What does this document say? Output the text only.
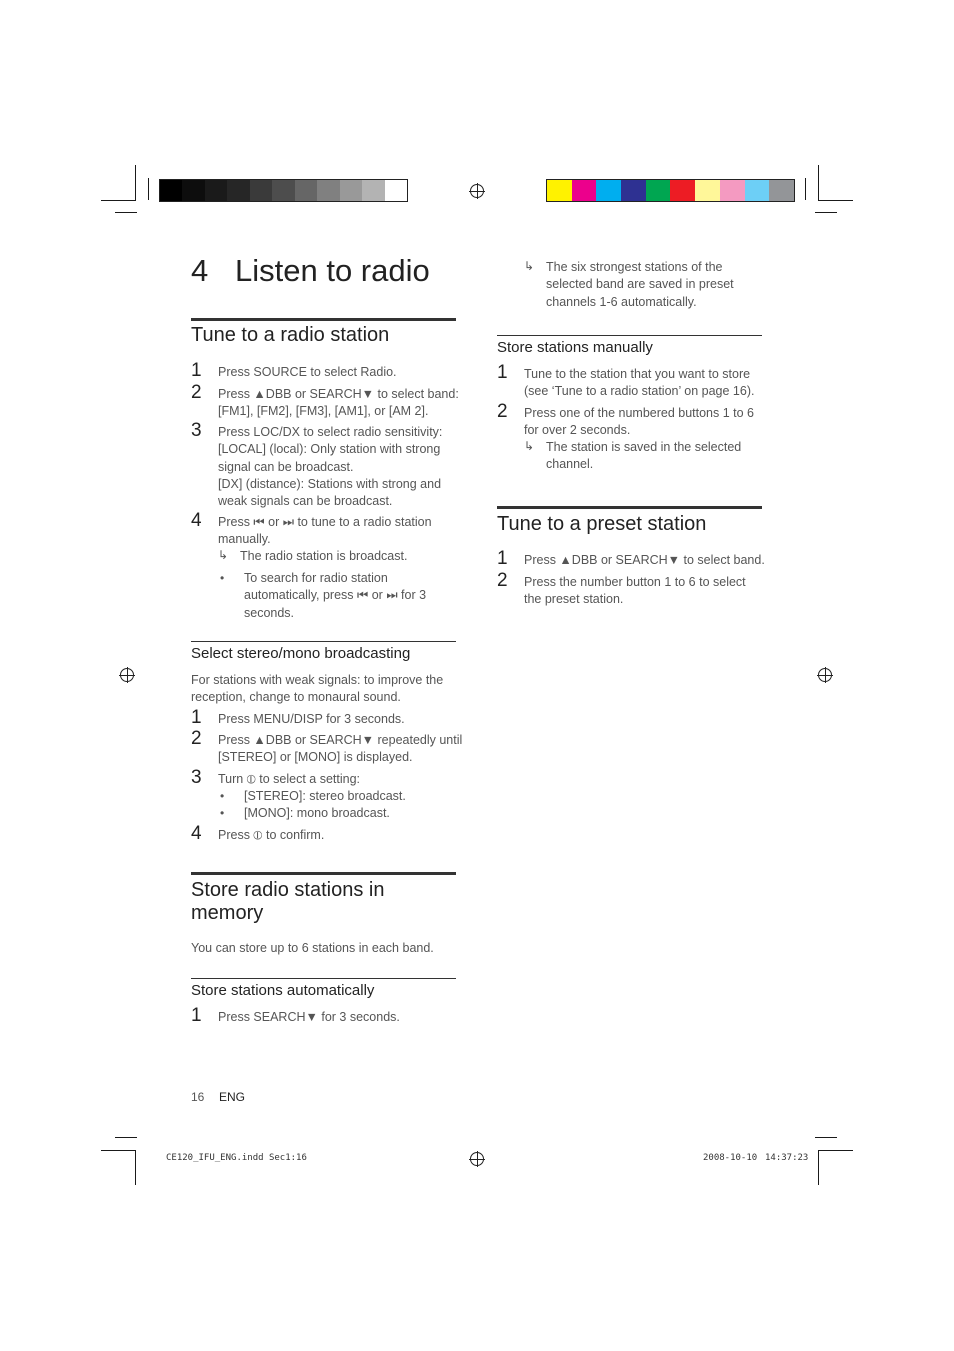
4 Listen to radio
Tune to a radio station
1 Press SOURCE to select Radio.
2 Press ▲DBB or SEARCH▼ to select band:
[FM1], [FM2], [FM3], [AM1], or [AM 2].
3 Press LOC/DX to select radio sensitivity:
[LOCAL] (local): Only station with strong
signal can be broadcast.
[DX] (distance): Stations with strong and
weak signals can be broadcast.
4 Press ⏮ or ⏭ to tune to a radio station
manually.
↳ The radio station is broadcast.
• To search for radio station
automatically, press ⏮ or ⏭ for 3
seconds.
Select stereo/mono broadcasting
For stations with weak signals: to improve the
reception, change to monaural sound.
1 Press MENU/DISP for 3 seconds.
2 Press ▲DBB or SEARCH▼ repeatedly until
[STEREO] or [MONO] is displayed.
3 Turn ⦶ to select a setting:
• [STEREO]: stereo broadcast.
• [MONO]: mono broadcast.
4 Press ⦶ to confirm.
Store radio stations in
memory
You can store up to 6 stations in each band.
Store stations automatically
1 Press SEARCH▼ for 3 seconds.
↳ The six strongest stations of the
selected band are saved in preset
channels 1-6 automatically.
Store stations manually
1 Tune to the station that you want to store
(see ‘Tune to a radio station’ on page 16).
2 Press one of the numbered buttons 1 to 6
for over 2 seconds.
↳ The station is saved in the selected
channel.
Tune to a preset station
1 Press ▲DBB or SEARCH▼ to select band.
2 Press the number button 1 to 6 to select
the preset station.
16 ENG
CE120_IFU_ENG.indd Sec1:16	2008-10-10 14:37:23
